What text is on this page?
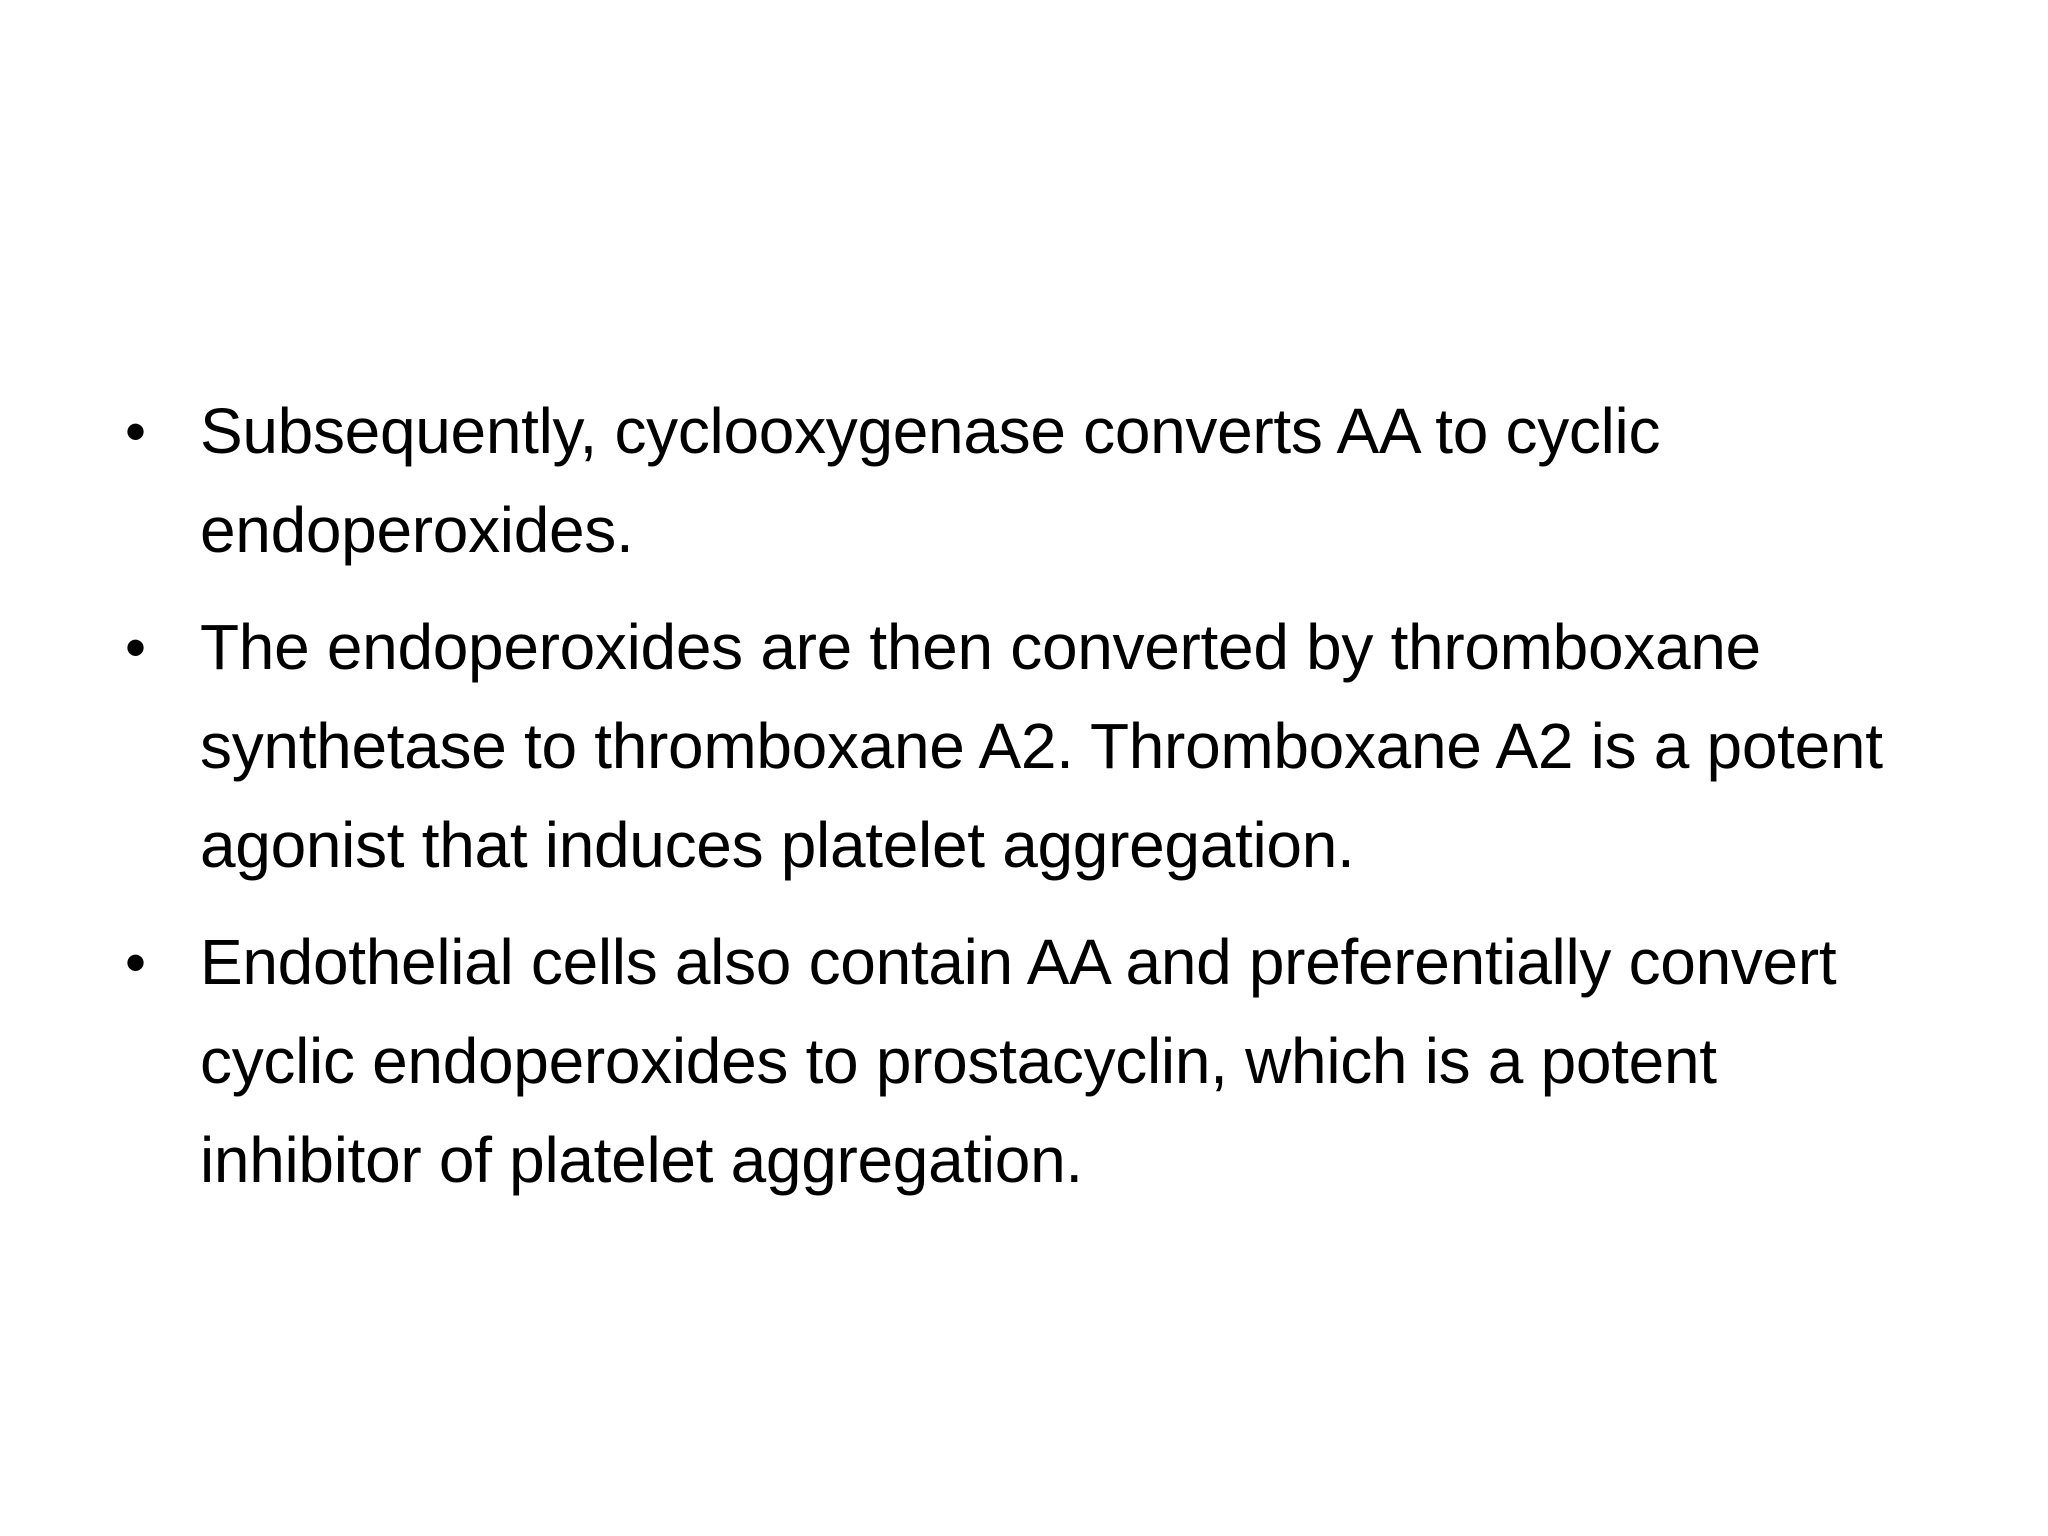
• Subsequently, cyclooxygenase converts AA to cyclic endoperoxides.
• The endoperoxides are then converted by thromboxane synthetase to thromboxane A2. Thromboxane A2 is a potent agonist that induces platelet aggregation.
• Endothelial cells also contain AA and preferentially convert cyclic endoperoxides to prostacyclin, which is a potent inhibitor of platelet aggregation.
